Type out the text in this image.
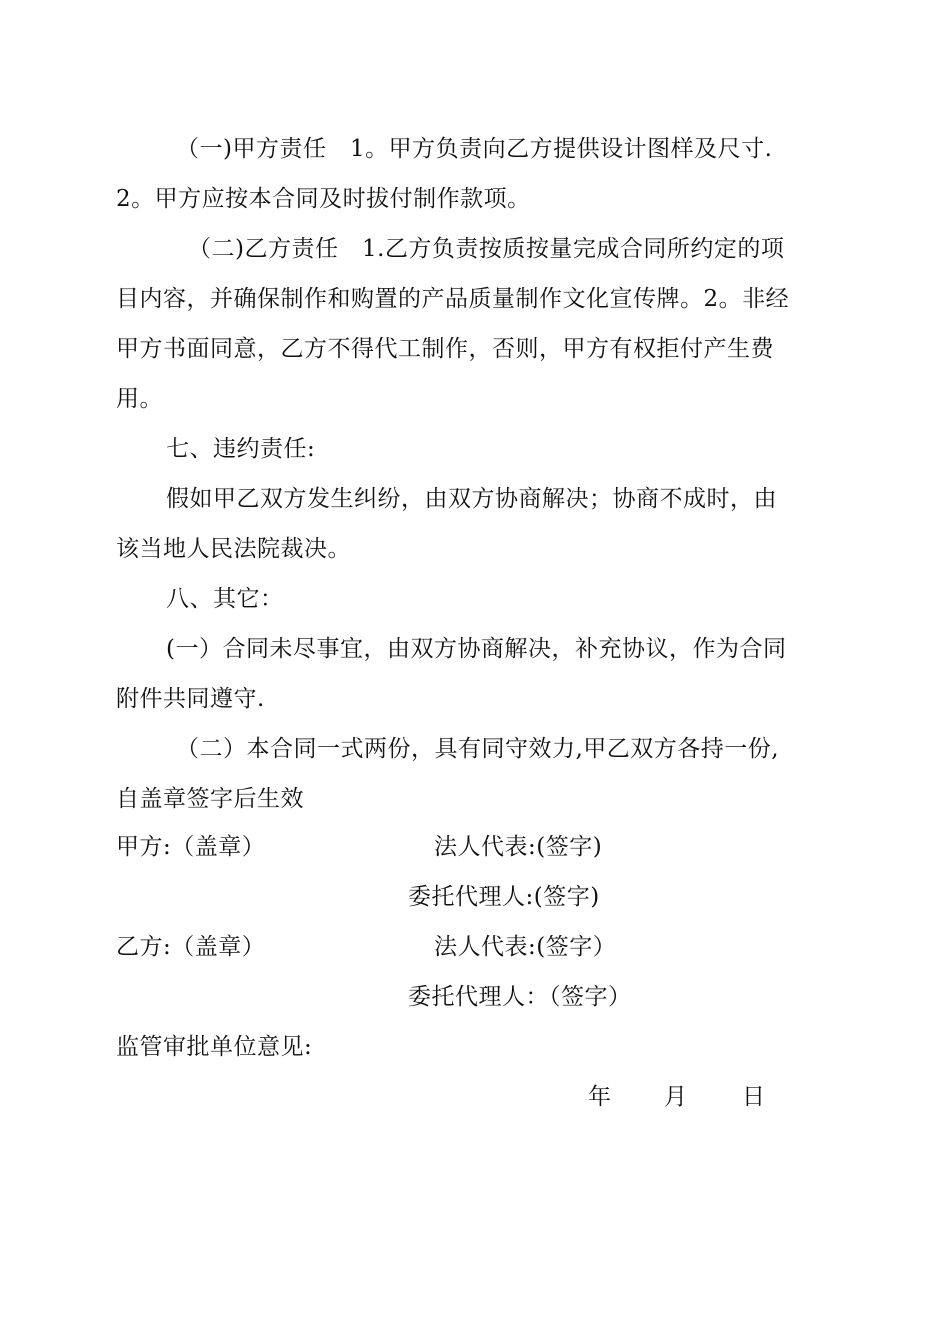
（一)甲方责任　1。甲方负责向乙方提供设计图样及尺寸.
2。甲方应按本合同及时拔付制作款项。
（二)乙方责任　1.乙方负责按质按量完成合同所约定的项
目内容，并确保制作和购置的产品质量制作文化宣传牌。2。非经
甲方书面同意，乙方不得代工制作，否则，甲方有权拒付产生费
用。
七、违约责任:
假如甲乙双方发生纠纷，由双方协商解决；协商不成时，由
该当地人民法院裁决。
八、其它：
(一）合同未尽事宜，由双方协商解决，补充协议，作为合同
附件共同遵守.
（二）本合同一式两份，具有同守效力,甲乙双方各持一份,
自盖章签字后生效
甲方:（盖章）	法人代表:(签字)
委托代理人:(签字)
乙方:（盖章）	法人代表:(签字）
委托代理人：（签字）
监管审批单位意见:
年 月 日
